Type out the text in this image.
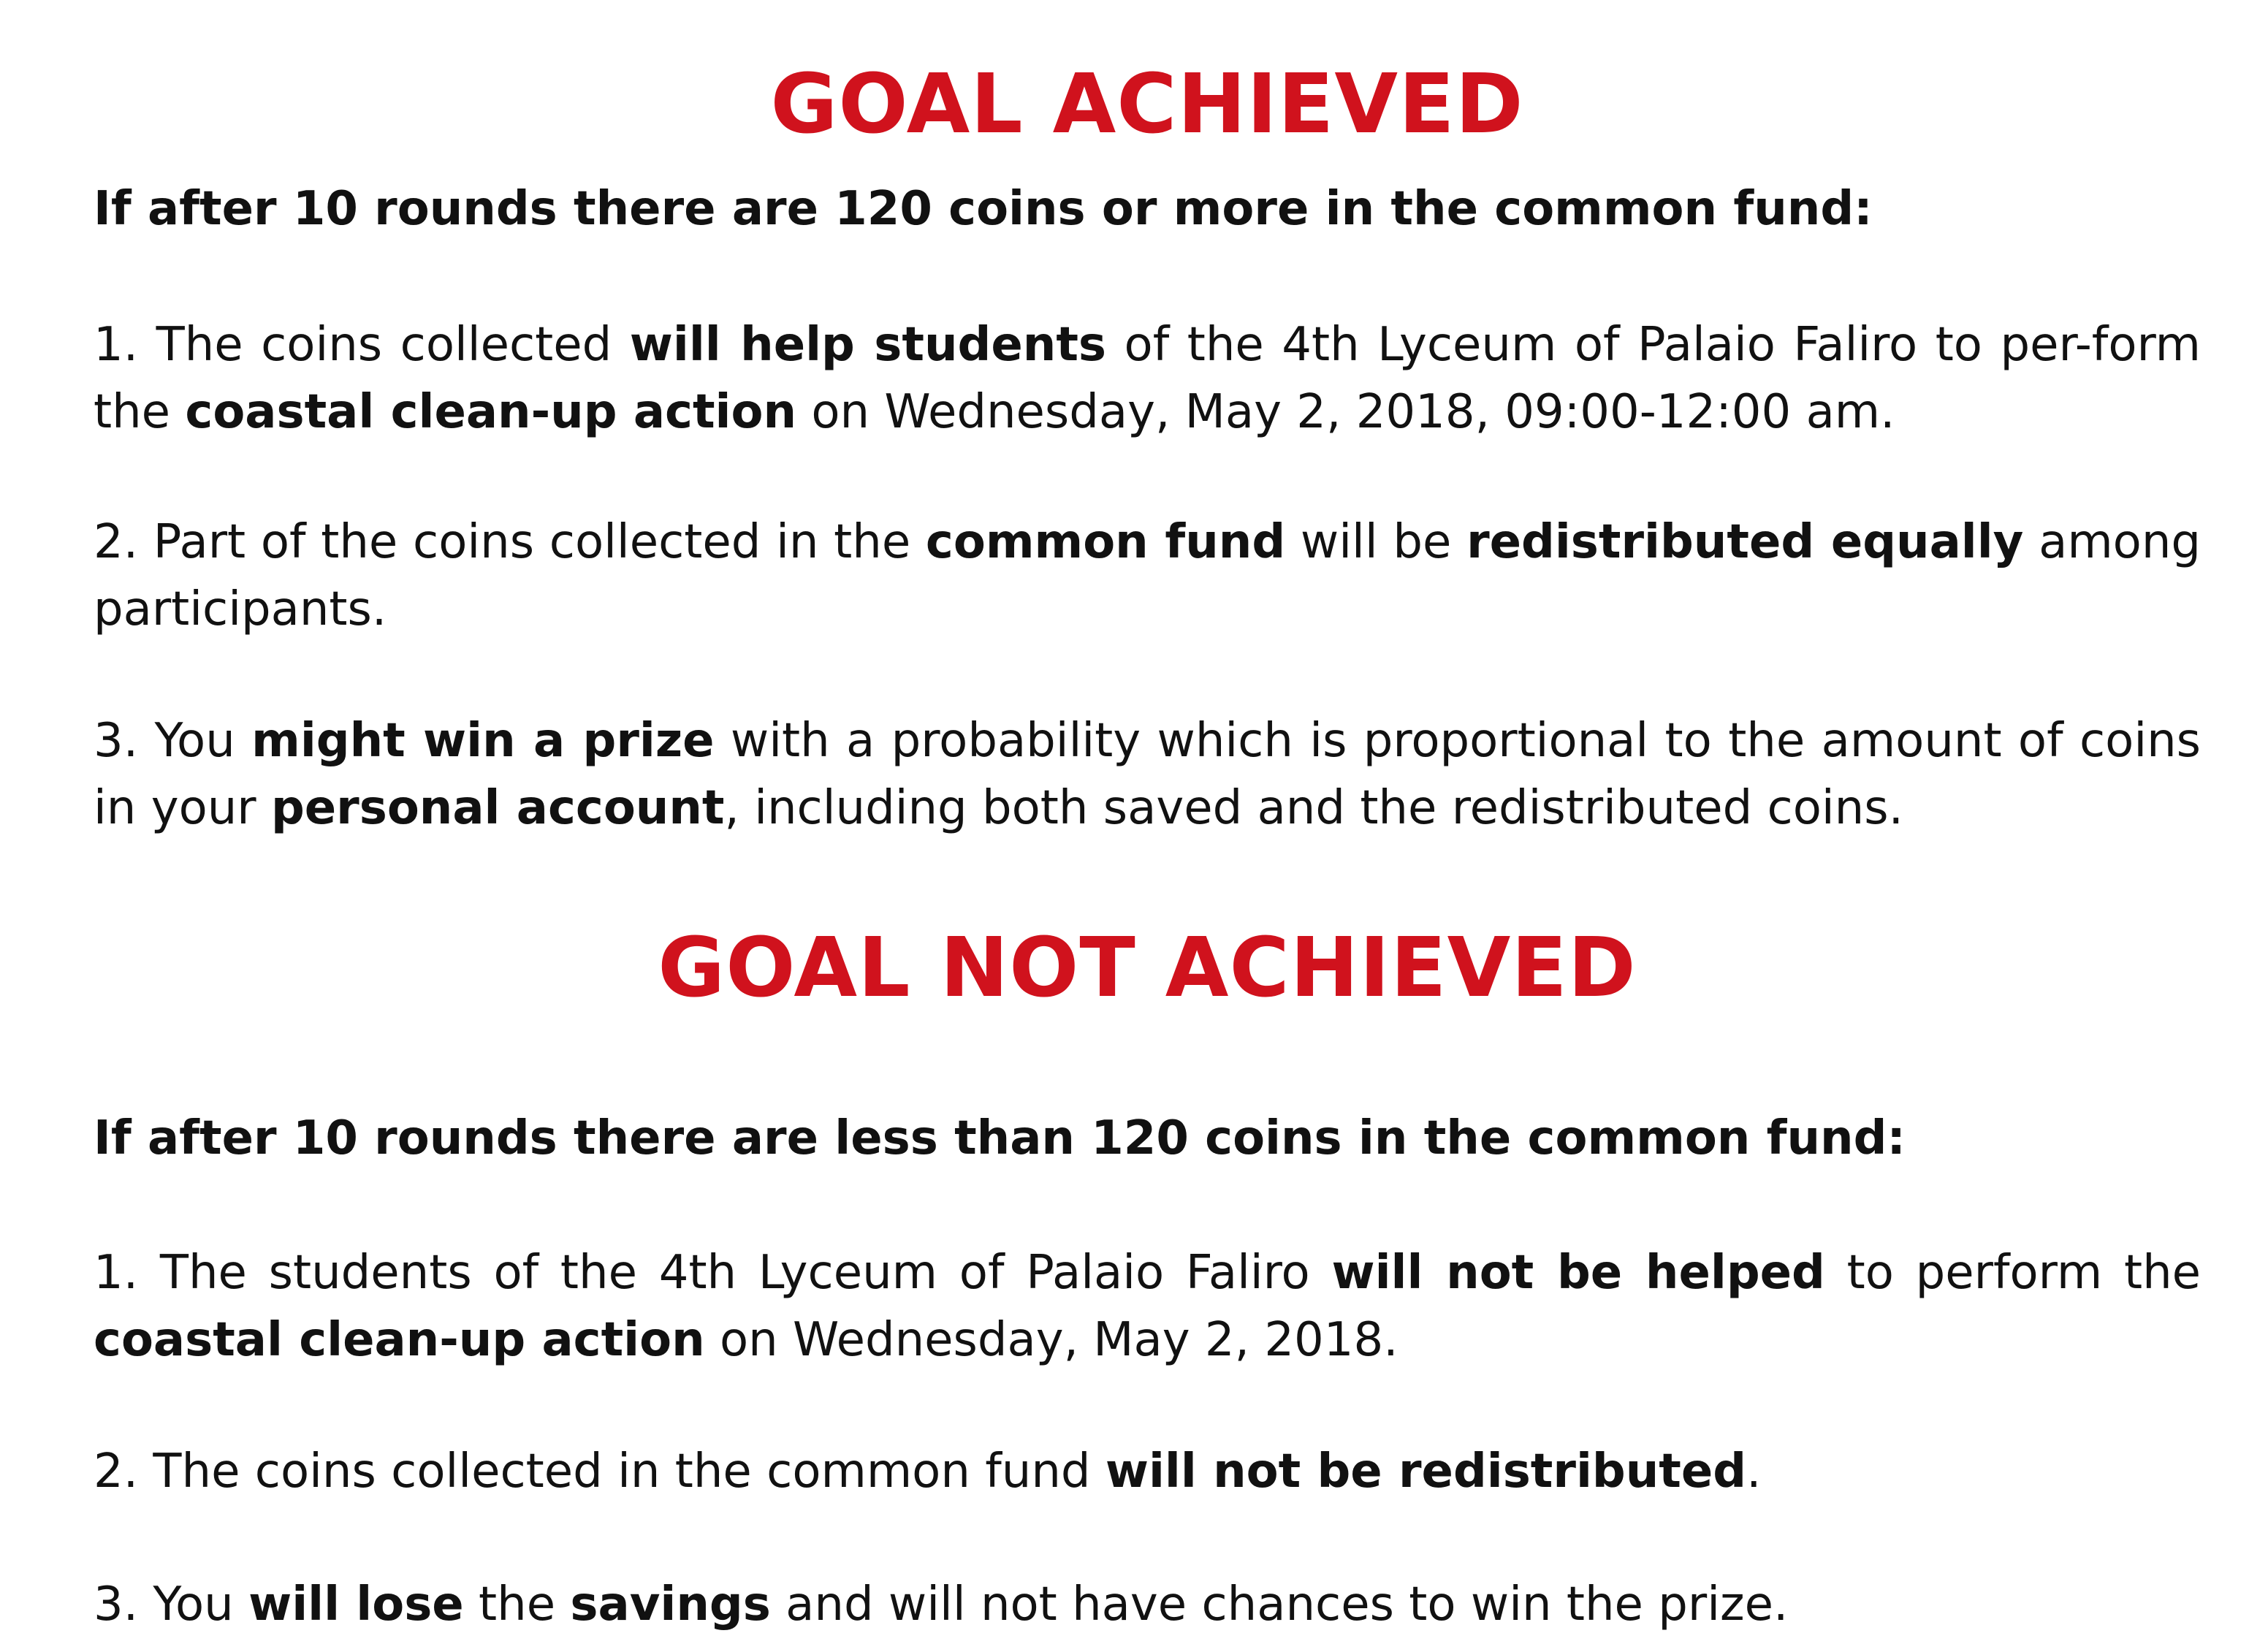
GOAL ACHIEVED

If after 10 rounds there are 120 coins or more in the common fund:

1. The coins collected will help students of the 4th Lyceum of Palaio Faliro to per-form the coastal clean-up action on Wednesday, May 2, 2018, 09:00-12:00 am.

2. Part of the coins collected in the common fund will be redistributed equally among participants.

3. You might win a prize with a probability which is proportional to the amount of coins in your personal account, including both saved and the redistributed coins.

GOAL NOT ACHIEVED

If after 10 rounds there are less than 120 coins in the common fund:

1. The students of the 4th Lyceum of Palaio Faliro will not be helped to perform the coastal clean-up action on Wednesday, May 2, 2018.

2. The coins collected in the common fund will not be redistributed.

3. You will lose the savings and will not have chances to win the prize.
